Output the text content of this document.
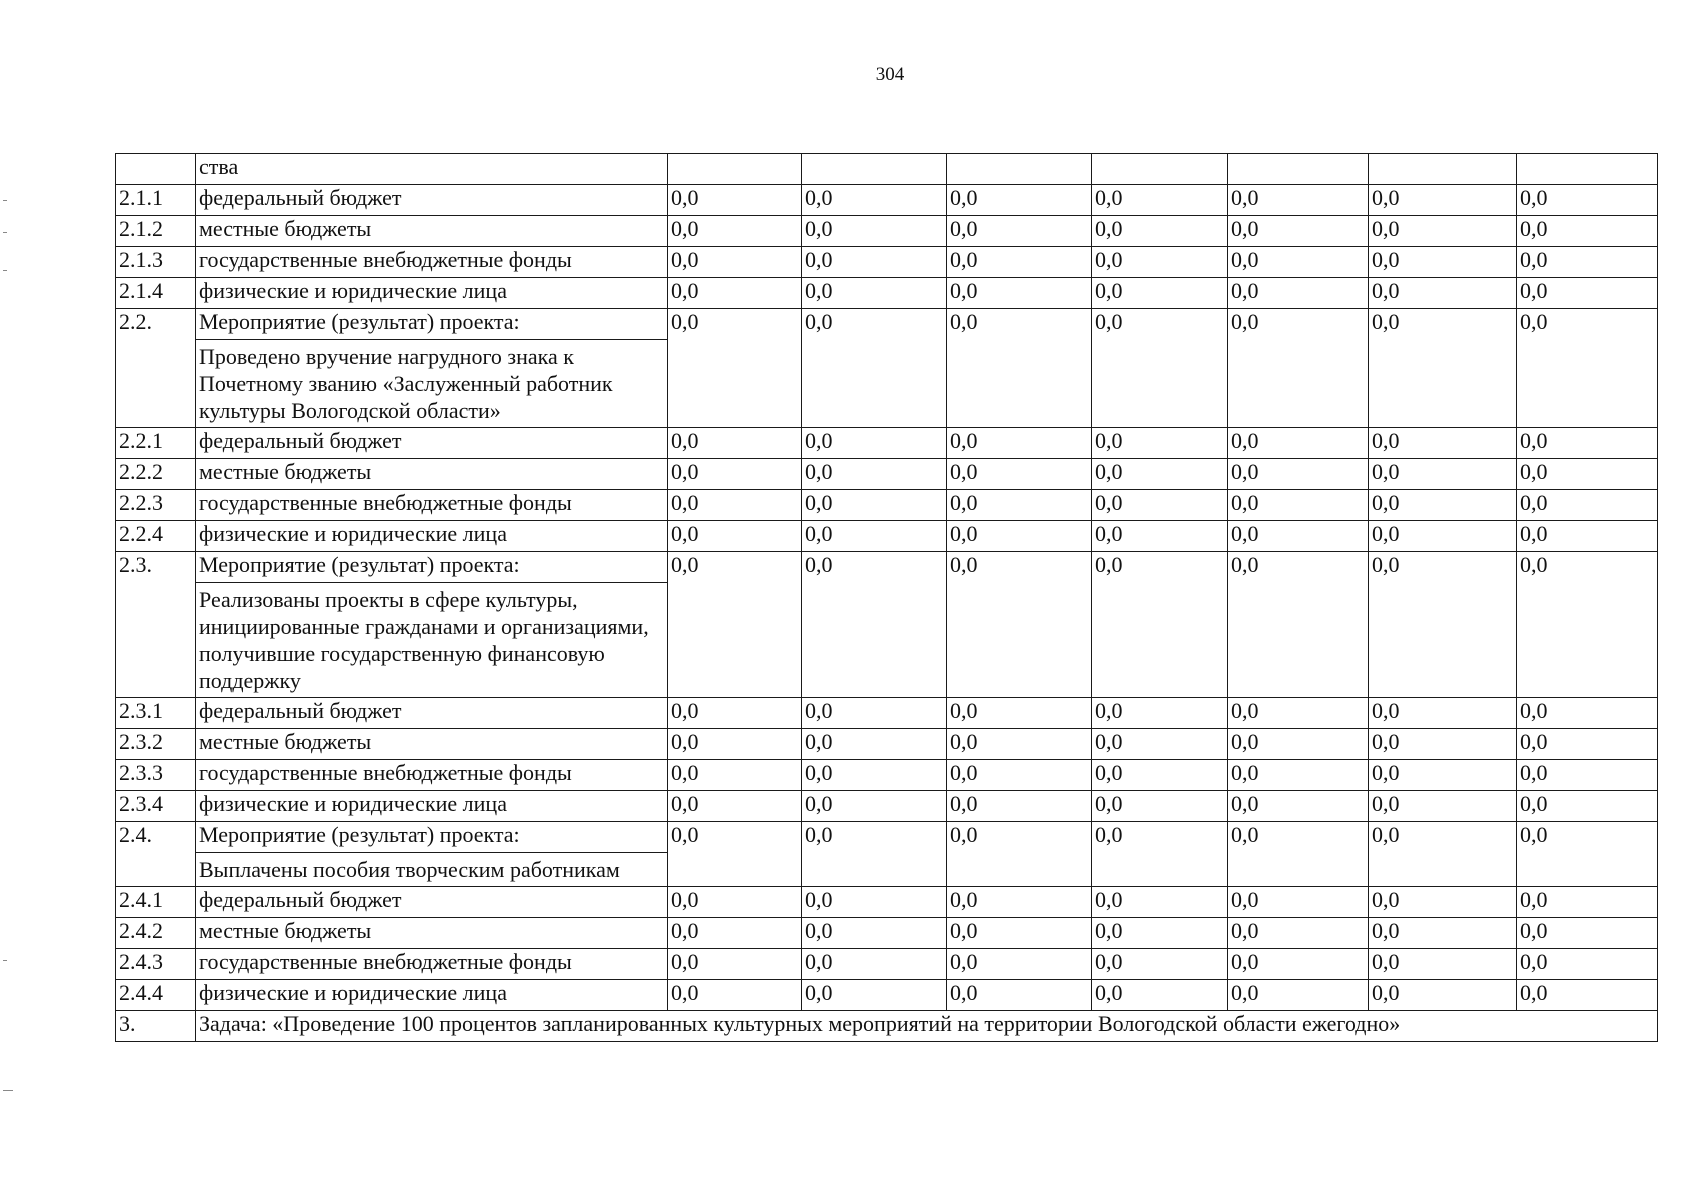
304
	ства							
2.1.1	федеральный бюджет	0,0	0,0	0,0	0,0	0,0	0,0	0,0
2.1.2	местные бюджеты	0,0	0,0	0,0	0,0	0,0	0,0	0,0
2.1.3	государственные внебюджетные фонды	0,0	0,0	0,0	0,0	0,0	0,0	0,0
2.1.4	физические и юридические лица	0,0	0,0	0,0	0,0	0,0	0,0	0,0
2.2.	Мероприятие (результат) проекта:	0,0	0,0	0,0	0,0	0,0	0,0	0,0
	Проведено вручение нагрудного знака к Почетному званию «Заслуженный работник культуры Вологодской области»							
2.2.1	федеральный бюджет	0,0	0,0	0,0	0,0	0,0	0,0	0,0
2.2.2	местные бюджеты	0,0	0,0	0,0	0,0	0,0	0,0	0,0
2.2.3	государственные внебюджетные фонды	0,0	0,0	0,0	0,0	0,0	0,0	0,0
2.2.4	физические и юридические лица	0,0	0,0	0,0	0,0	0,0	0,0	0,0
2.3.	Мероприятие (результат) проекта:	0,0	0,0	0,0	0,0	0,0	0,0	0,0
	Реализованы проекты в сфере культуры, инициированные гражданами и организациями, получившие государственную финансовую поддержку							
2.3.1	федеральный бюджет	0,0	0,0	0,0	0,0	0,0	0,0	0,0
2.3.2	местные бюджеты	0,0	0,0	0,0	0,0	0,0	0,0	0,0
2.3.3	государственные внебюджетные фонды	0,0	0,0	0,0	0,0	0,0	0,0	0,0
2.3.4	физические и юридические лица	0,0	0,0	0,0	0,0	0,0	0,0	0,0
2.4.	Мероприятие (результат) проекта:	0,0	0,0	0,0	0,0	0,0	0,0	0,0
	Выплачены пособия творческим работникам							
2.4.1	федеральный бюджет	0,0	0,0	0,0	0,0	0,0	0,0	0,0
2.4.2	местные бюджеты	0,0	0,0	0,0	0,0	0,0	0,0	0,0
2.4.3	государственные внебюджетные фонды	0,0	0,0	0,0	0,0	0,0	0,0	0,0
2.4.4	физические и юридические лица	0,0	0,0	0,0	0,0	0,0	0,0	0,0
3.	Задача: «Проведение 100 процентов запланированных культурных мероприятий на территории Вологодской области ежегодно»							
